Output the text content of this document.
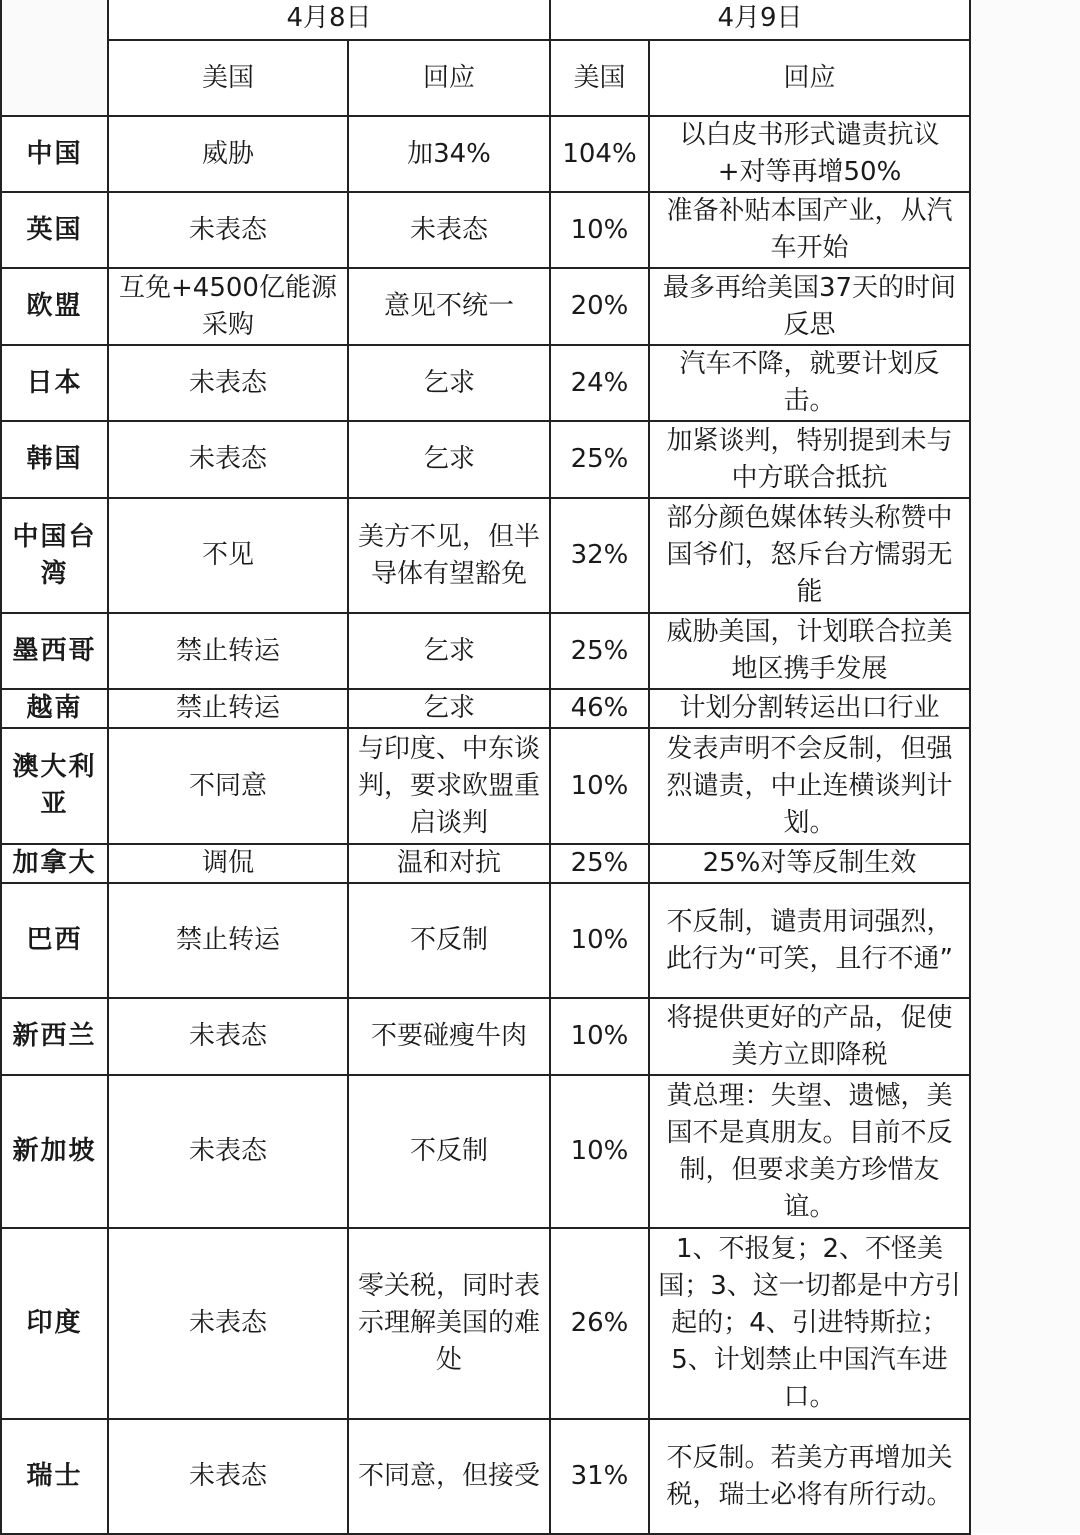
	4月8日		4月9日	
	美国	回应	美国	回应
中国	威胁	加34%	104%	以白皮书形式谴责抗议+对等再增50%
英国	未表态	未表态	10%	准备补贴本国产业，从汽车开始
欧盟	互免+4500亿能源采购	意见不统一	20%	最多再给美国37天的时间反思
日本	未表态	乞求	24%	汽车不降，就要计划反击。
韩国	未表态	乞求	25%	加紧谈判，特别提到未与中方联合抵抗
中国台湾	不见	美方不见，但半导体有望豁免	32%	部分颜色媒体转头称赞中国爷们，怒斥台方懦弱无能
墨西哥	禁止转运	乞求	25%	威胁美国，计划联合拉美地区携手发展
越南	禁止转运	乞求	46%	计划分割转运出口行业
澳大利亚	不同意	与印度、中东谈判，要求欧盟重启谈判	10%	发表声明不会反制，但强烈谴责，中止连横谈判计划。
加拿大	调侃	温和对抗	25%	25%对等反制生效
巴西	禁止转运	不反制	10%	不反制，谴责用词强烈，此行为“可笑，且行不通”
新西兰	未表态	不要碰瘦牛肉	10%	将提供更好的产品，促使美方立即降税
新加坡	未表态	不反制	10%	黄总理：失望、遗憾，美国不是真朋友。目前不反制，但要求美方珍惜友谊。
印度	未表态	零关税，同时表示理解美国的难处	26%	1、不报复；2、不怪美国；3、这一切都是中方引起的；4、引进特斯拉；5、计划禁止中国汽车进口。
瑞士	未表态	不同意，但接受	31%	不反制。若美方再增加关税，瑞士必将有所行动。
